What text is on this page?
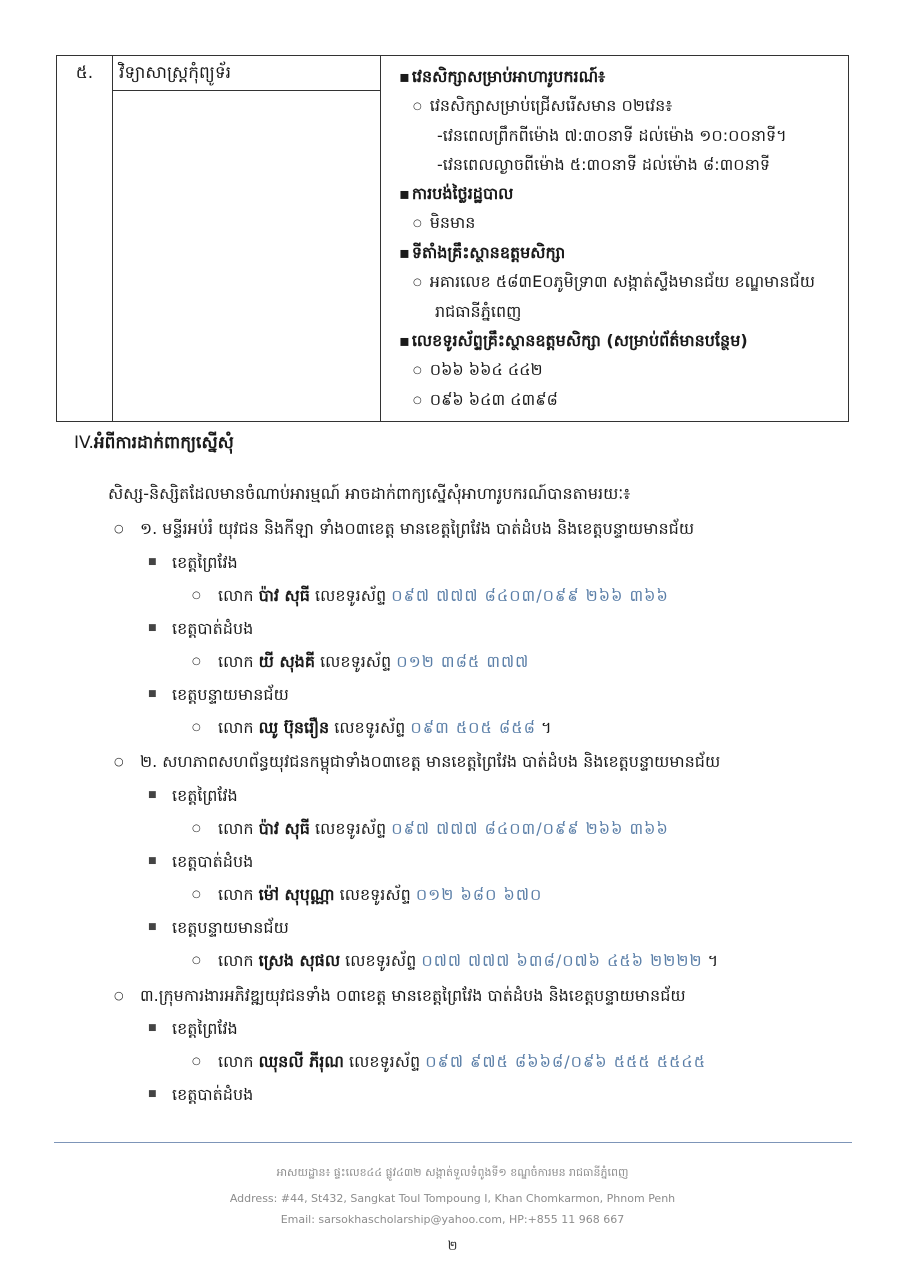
៥.	វិទ្យាសាស្ត្រកុំព្យូទ័រ	
▪វេនសិក្សាសម្រាប់អាហារូបករណ៍៖
○ វេនសិក្សាសម្រាប់ជ្រើសរើសមាន ០២វេន៖
-វេនពេលព្រឹកពីម៉ោង ៧:៣០នាទី ដល់ម៉ោង ១០:០០នាទី។
-វេនពេលល្ងាចពីម៉ោង ៥:៣០នាទី ដល់ម៉ោង ៨:៣០នាទី
▪ ការបង់ថ្លៃរដ្ឋបាល
○ មិនមាន
▪ ទីតាំងគ្រឹះស្ថានឧត្តមសិក្សា
○ អគារលេខ ៥៨៣E០ភូមិទ្រា៣ សង្កាត់ស្ទឹងមានជ័យ ខណ្ឌមានជ័យ
រាជធានីភ្នំពេញ
▪ លេខទូរស័ព្ទគ្រឹះស្ថានឧត្តមសិក្សា (សម្រាប់ព័ត៌មានបន្ថែម)
○ ០៦៦ ៦៦៤ ៤៤២
○ ០៩៦ ៦៤៣ ៤៣៩៨

IV.អំពីការដាក់ពាក្យស្នើសុំ
សិស្ស-និស្សិតដែលមានចំណាប់អារម្មណ៍ អាចដាក់ពាក្យស្នើសុំអាហារូបករណ៍បានតាមរយៈ៖
○ ១. មន្ទីរអប់រំ យុវជន និងកីឡា ទាំង០៣ខេត្ត មានខេត្តព្រៃវែង បាត់ដំបង និងខេត្តបន្ទាយមានជ័យ
■ ខេត្តព្រៃវែង
○ លោក ប៉ាវ សុធី លេខទូរស័ព្ទ ០៩៧ ៧៧៧ ៨៤០៣/០៩៩ ២៦៦ ៣៦៦
■ ខេត្តបាត់ដំបង
○ លោក យី សុងគី លេខទូរស័ព្ទ ០១២ ៣៨៥ ៣៧៧
■ ខេត្តបន្ទាយមានជ័យ
○ លោក ឈូ ប៊ុនរឿន លេខទូរស័ព្ទ ០៩៣ ៥០៥ ៨៥៨ ។
○ ២. សហភាពសហព័ន្ធយុវជនកម្ពុជាទាំង០៣ខេត្ត មានខេត្តព្រៃវែង បាត់ដំបង និងខេត្តបន្ទាយមានជ័យ
■ ខេត្តព្រៃវែង
○ លោក ប៉ាវ សុធី លេខទូរស័ព្ទ ០៩៧ ៧៧៧ ៨៤០៣/០៩៩ ២៦៦ ៣៦៦
■ ខេត្តបាត់ដំបង
○ លោក ម៉ៅ សុបុណ្ណា លេខទូរស័ព្ទ ០១២ ៦៨០ ៦៧០
■ ខេត្តបន្ទាយមានជ័យ
○ លោក ស្រេង សុផល លេខទូរស័ព្ទ ០៧៧ ៧៧៧ ៦៣៨/០៧៦ ៤៥៦ ២២២២ ។
○ ៣.ក្រុមការងារអភិវឌ្ឍយុវជនទាំង ០៣ខេត្ត មានខេត្តព្រៃវែង បាត់ដំបង និងខេត្តបន្ទាយមានជ័យ
■ ខេត្តព្រៃវែង
○ លោក ឈុនលី ភីរុណ លេខទូរស័ព្ទ ០៩៧ ៩៧៥ ៨៦៦៨/០៩៦ ៥៥៥ ៥៥៤៥
■ ខេត្តបាត់ដំបង
អាសយដ្ឋាន៖ ផ្ទះលេខ៤៤ ផ្លូវ៤៣២ សង្កាត់ទួលទំពូងទី១ ខណ្ឌចំការមន រាជធានីភ្នំពេញ
Address: #44, St432, Sangkat Toul Tompoung I, Khan Chomkarmon, Phnom Penh
Email: sarsokhascholarship@yahoo.com, HP:+855 11 968 667
២
